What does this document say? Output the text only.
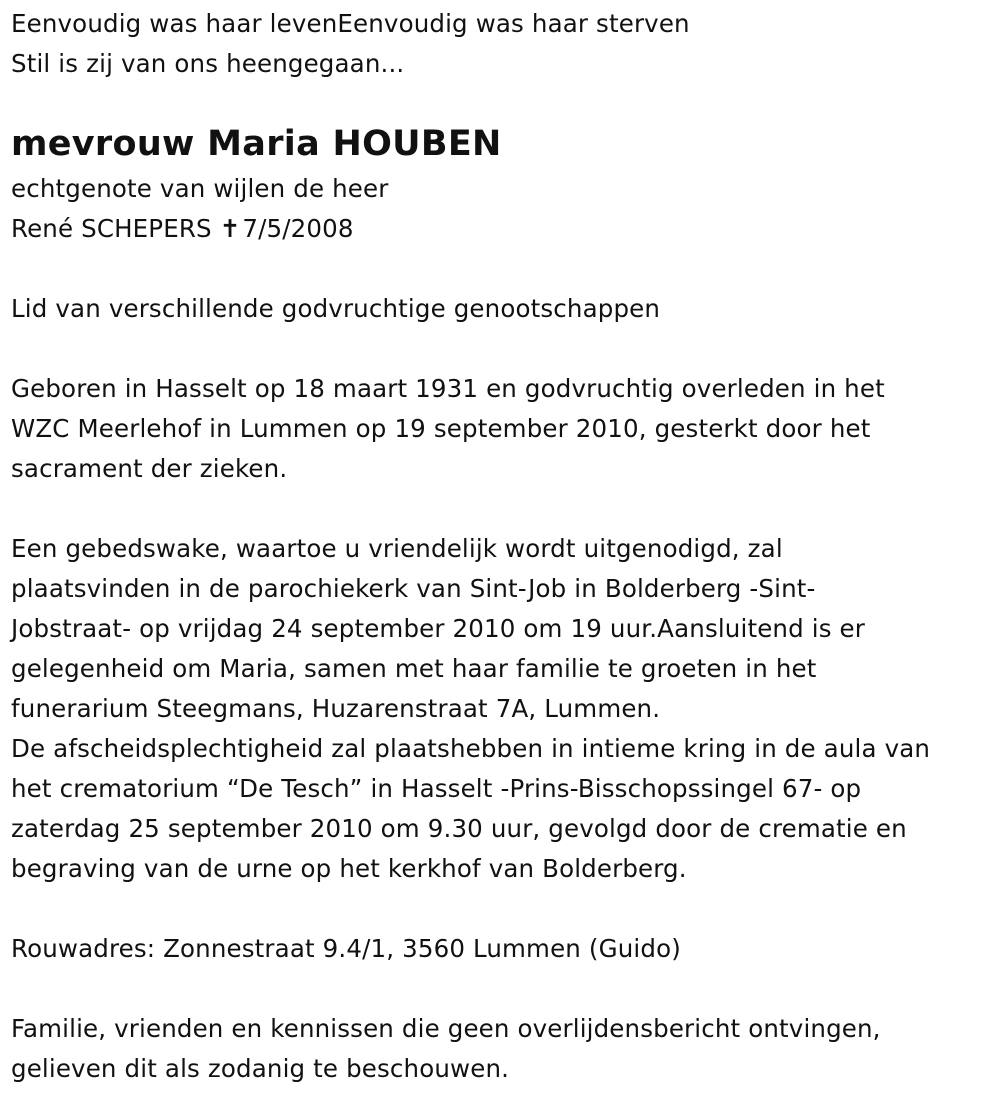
Eenvoudig was haar levenEenvoudig was haar sterven
Stil is zij van ons heengegaan...

mevrouw Maria HOUBEN

echtgenote van wijlen de heer
René SCHEPERS ✝7/5/2008

Lid van verschillende godvruchtige genootschappen

Geboren in Hasselt op 18 maart 1931 en godvruchtig overleden in het
WZC Meerlehof in Lummen op 19 september 2010, gesterkt door het
sacrament der zieken.

Een gebedswake, waartoe u vriendelijk wordt uitgenodigd, zal
plaatsvinden in de parochiekerk van Sint-Job in Bolderberg -Sint-
Jobstraat- op vrijdag 24 september 2010 om 19 uur.Aansluitend is er
gelegenheid om Maria, samen met haar familie te groeten in het
funerarium Steegmans, Huzarenstraat 7A, Lummen.

De afscheidsplechtigheid zal plaatshebben in intieme kring in de aula van
het crematorium “De Tesch” in Hasselt -Prins-Bisschopssingel 67- op
zaterdag 25 september 2010 om 9.30 uur, gevolgd door de crematie en
begraving van de urne op het kerkhof van Bolderberg.

Rouwadres: Zonnestraat 9.4/1, 3560 Lummen (Guido)

Familie, vrienden en kennissen die geen overlijdensbericht ontvingen,
gelieven dit als zodanig te beschouwen.
